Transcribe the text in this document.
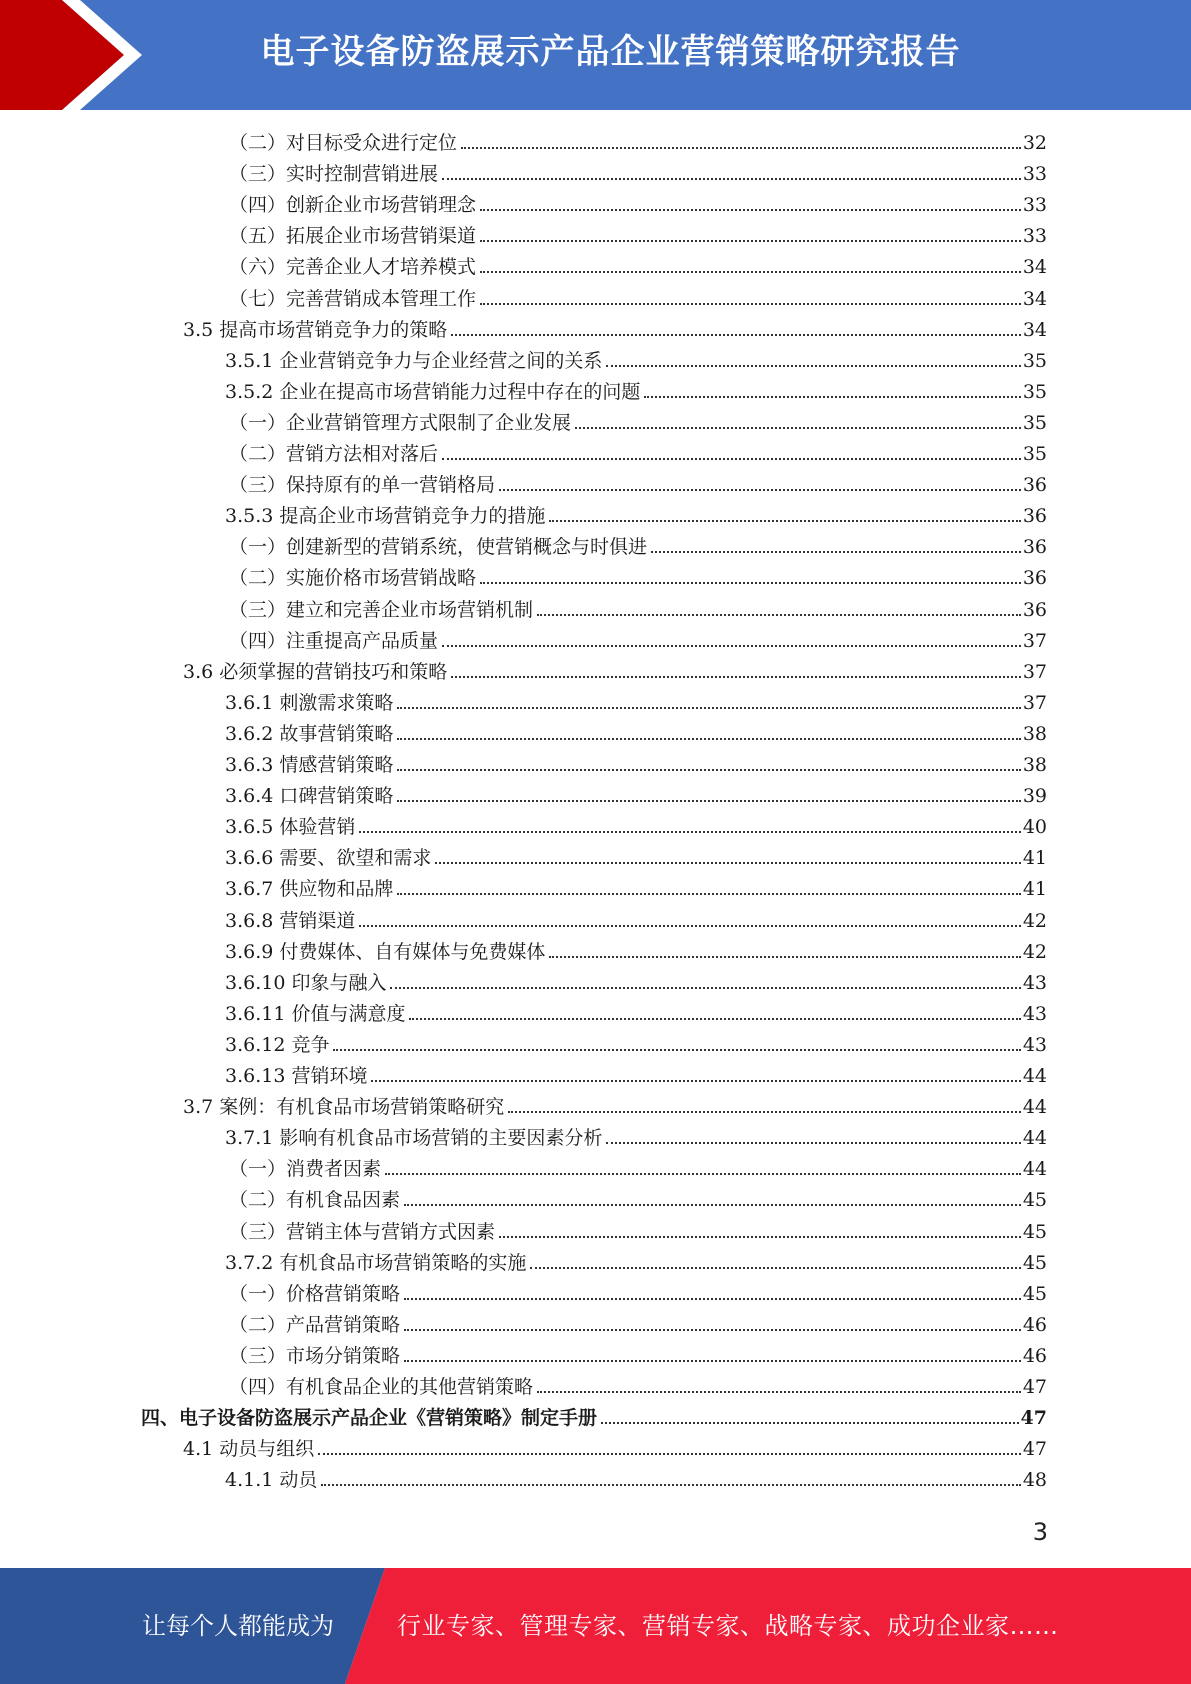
电子设备防盗展示产品企业营销策略研究报告
（二）对目标受众进行定位	32
（三）实时控制营销进展	33
（四）创新企业市场营销理念	33
（五）拓展企业市场营销渠道	33
（六）完善企业人才培养模式	34
（七）完善营销成本管理工作	34
3.5 提高市场营销竞争力的策略	34
3.5.1 企业营销竞争力与企业经营之间的关系	35
3.5.2 企业在提高市场营销能力过程中存在的问题	35
（一）企业营销管理方式限制了企业发展	35
（二）营销方法相对落后	35
（三）保持原有的单一营销格局	36
3.5.3 提高企业市场营销竞争力的措施	36
（一）创建新型的营销系统，使营销概念与时俱进	36
（二）实施价格市场营销战略	36
（三）建立和完善企业市场营销机制	36
（四）注重提高产品质量	37
3.6 必须掌握的营销技巧和策略	37
3.6.1 刺激需求策略	37
3.6.2 故事营销策略	38
3.6.3 情感营销策略	38
3.6.4 口碑营销策略	39
3.6.5 体验营销	40
3.6.6 需要、欲望和需求	41
3.6.7 供应物和品牌	41
3.6.8 营销渠道	42
3.6.9 付费媒体、自有媒体与免费媒体	42
3.6.10 印象与融入	43
3.6.11 价值与满意度	43
3.6.12 竞争	43
3.6.13 营销环境	44
3.7 案例：有机食品市场营销策略研究	44
3.7.1 影响有机食品市场营销的主要因素分析	44
（一）消费者因素	44
（二）有机食品因素	45
（三）营销主体与营销方式因素	45
3.7.2 有机食品市场营销策略的实施	45
（一）价格营销策略	45
（二）产品营销策略	46
（三）市场分销策略	46
（四）有机食品企业的其他营销策略	47
四、电子设备防盗展示产品企业《营销策略》制定手册	47
4.1 动员与组织	47
4.1.1 动员	48
3
让每个人都能成为	行业专家、管理专家、营销专家、战略专家、成功企业家……
